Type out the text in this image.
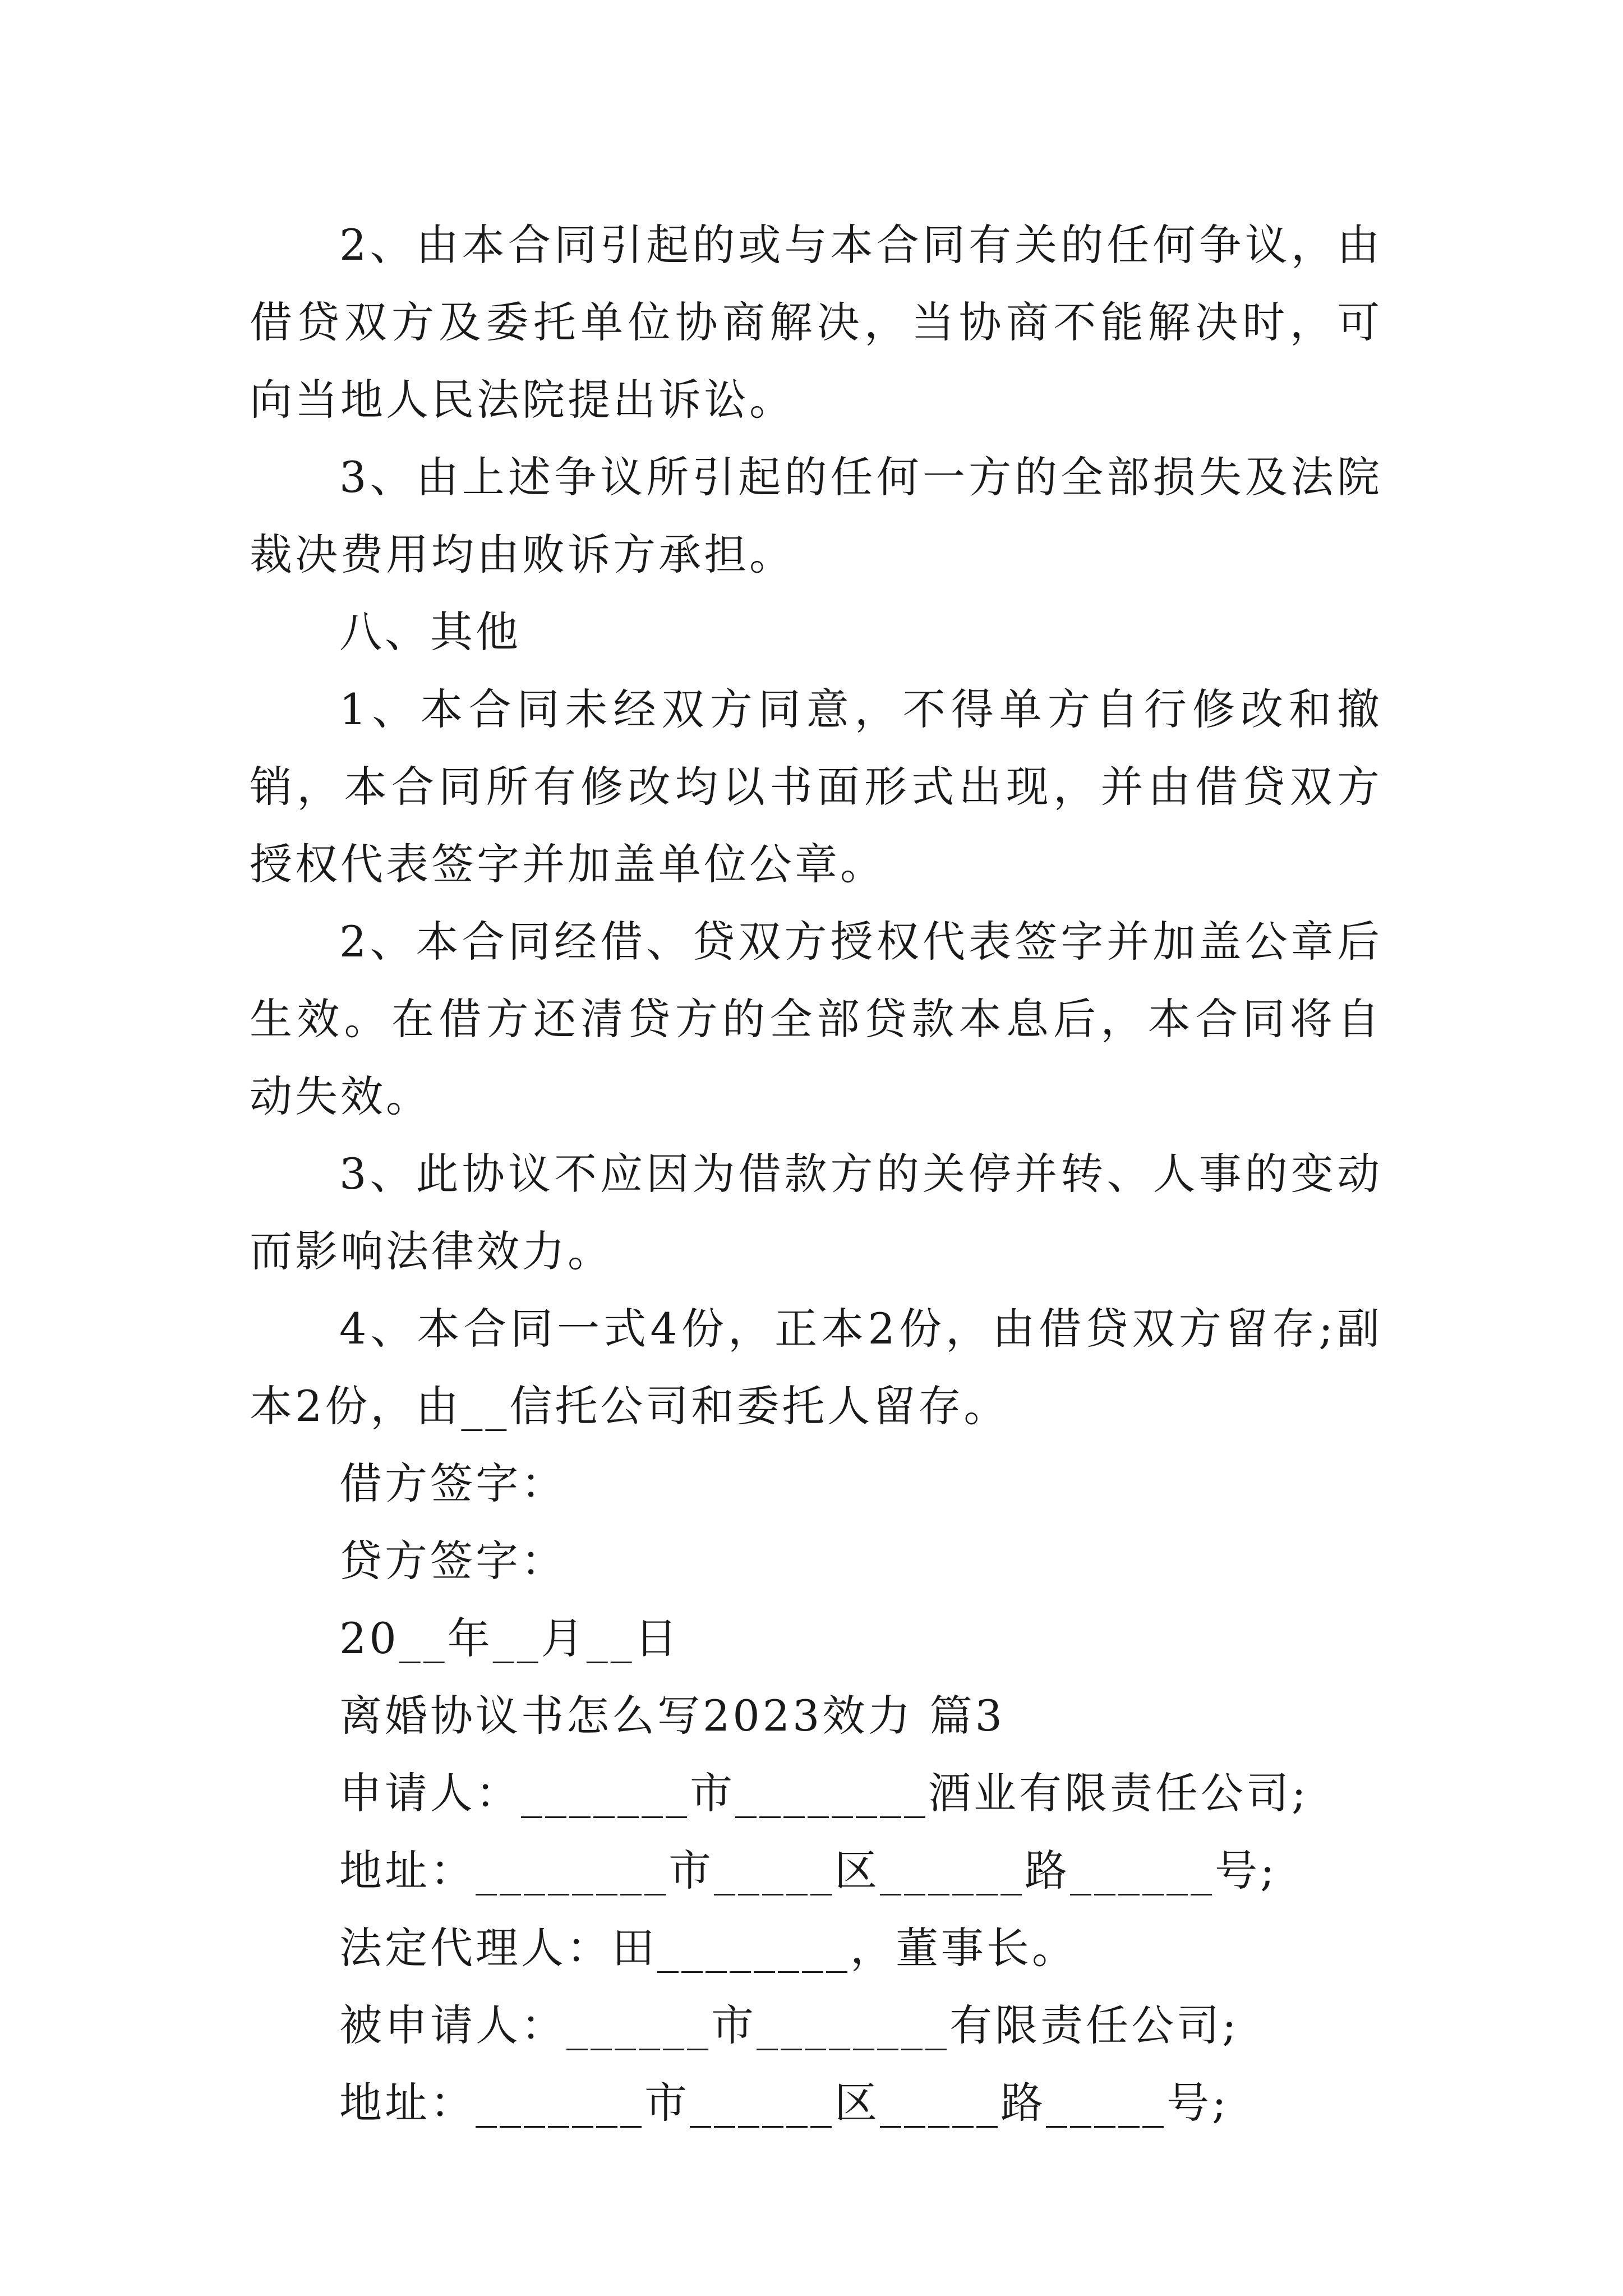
2、由本合同引起的或与本合同有关的任何争议，由借贷双方及委托单位协商解决，当协商不能解决时，可向当地人民法院提出诉讼。

3、由上述争议所引起的任何一方的全部损失及法院裁决费用均由败诉方承担。

八、其他

1、本合同未经双方同意，不得单方自行修改和撤销，本合同所有修改均以书面形式出现，并由借贷双方授权代表签字并加盖单位公章。

2、本合同经借、贷双方授权代表签字并加盖公章后生效。在借方还清贷方的全部贷款本息后，本合同将自动失效。

3、此协议不应因为借款方的关停并转、人事的变动而影响法律效力。

4、本合同一式4份，正本2份，由借贷双方留存;副本2份，由__信托公司和委托人留存。

借方签字：

贷方签字：

20__年__月__日

离婚协议书怎么写2023效力 篇3

申请人：_______市________酒业有限责任公司;

地址：________市_____区______路______号;

法定代理人：田________，董事长。

被申请人：______市________有限责任公司;

地址：_______市______区_____路_____号;
